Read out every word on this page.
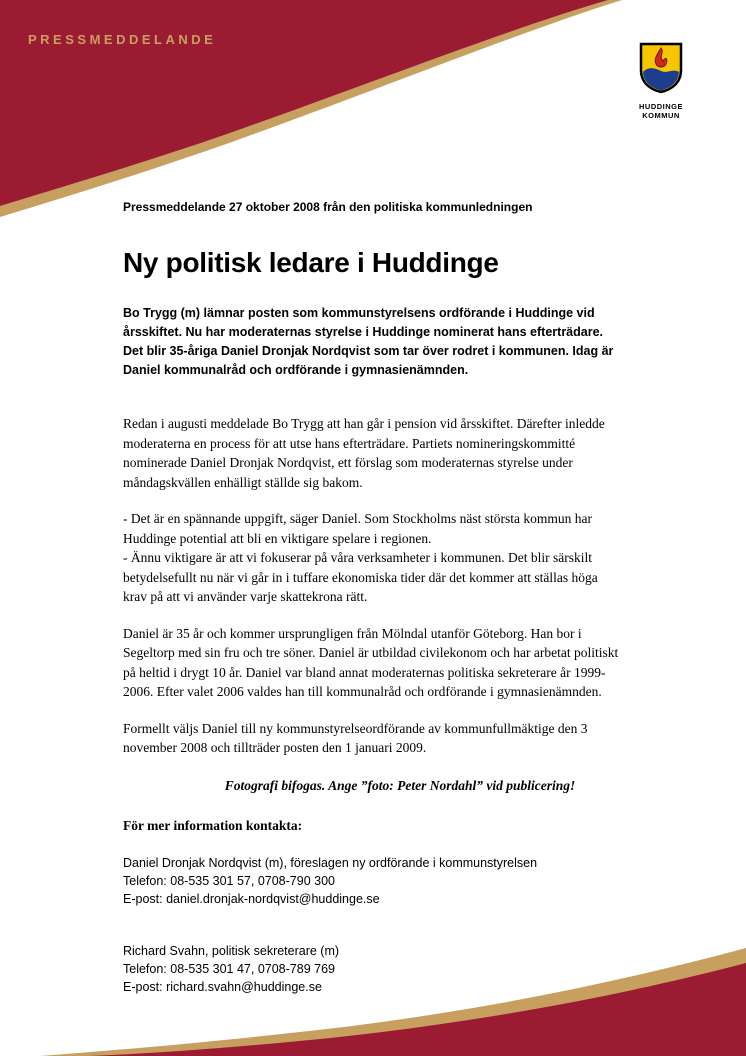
PRESSMEDDELANDE
HUDDINGE
KOMMUN

Pressmeddelande 27 oktober 2008 från den politiska kommunledningen

Ny politisk ledare i Huddinge

Bo Trygg (m) lämnar posten som kommunstyrelsens ordförande i Huddinge vid årsskiftet. Nu har moderaternas styrelse i Huddinge nominerat hans efterträdare. Det blir 35-åriga Daniel Dronjak Nordqvist som tar över rodret i kommunen. Idag är Daniel kommunalråd och ordförande i gymnasienämnden.

Redan i augusti meddelade Bo Trygg att han går i pension vid årsskiftet. Därefter inledde moderaterna en process för att utse hans efterträdare. Partiets nomineringskommitté nominerade Daniel Dronjak Nordqvist, ett förslag som moderaternas styrelse under måndagskvällen enhälligt ställde sig bakom.

- Det är en spännande uppgift, säger Daniel. Som Stockholms näst största kommun har Huddinge potential att bli en viktigare spelare i regionen.

- Ännu viktigare är att vi fokuserar på våra verksamheter i kommunen. Det blir särskilt betydelsefullt nu när vi går in i tuffare ekonomiska tider där det kommer att ställas höga krav på att vi använder varje skattekrona rätt.

Daniel är 35 år och kommer ursprungligen från Mölndal utanför Göteborg. Han bor i Segeltorp med sin fru och tre söner. Daniel är utbildad civilekonom och har arbetat politiskt på heltid i drygt 10 år. Daniel var bland annat moderaternas politiska sekreterare år 1999-2006. Efter valet 2006 valdes han till kommunalråd och ordförande i gymnasienämnden.

Formellt väljs Daniel till ny kommunstyrelseordförande av kommunfullmäktige den 3 november 2008 och tillträder posten den 1 januari 2009.

Fotografi bifogas. Ange ”foto: Peter Nordahl” vid publicering!

För mer information kontakta:

Daniel Dronjak Nordqvist (m), föreslagen ny ordförande i kommunstyrelsen
Telefon: 08-535 301 57, 0708-790 300
E-post: daniel.dronjak-nordqvist@huddinge.se
Richard Svahn, politisk sekreterare (m)
Telefon: 08-535 301 47, 0708-789 769
E-post: richard.svahn@huddinge.se
